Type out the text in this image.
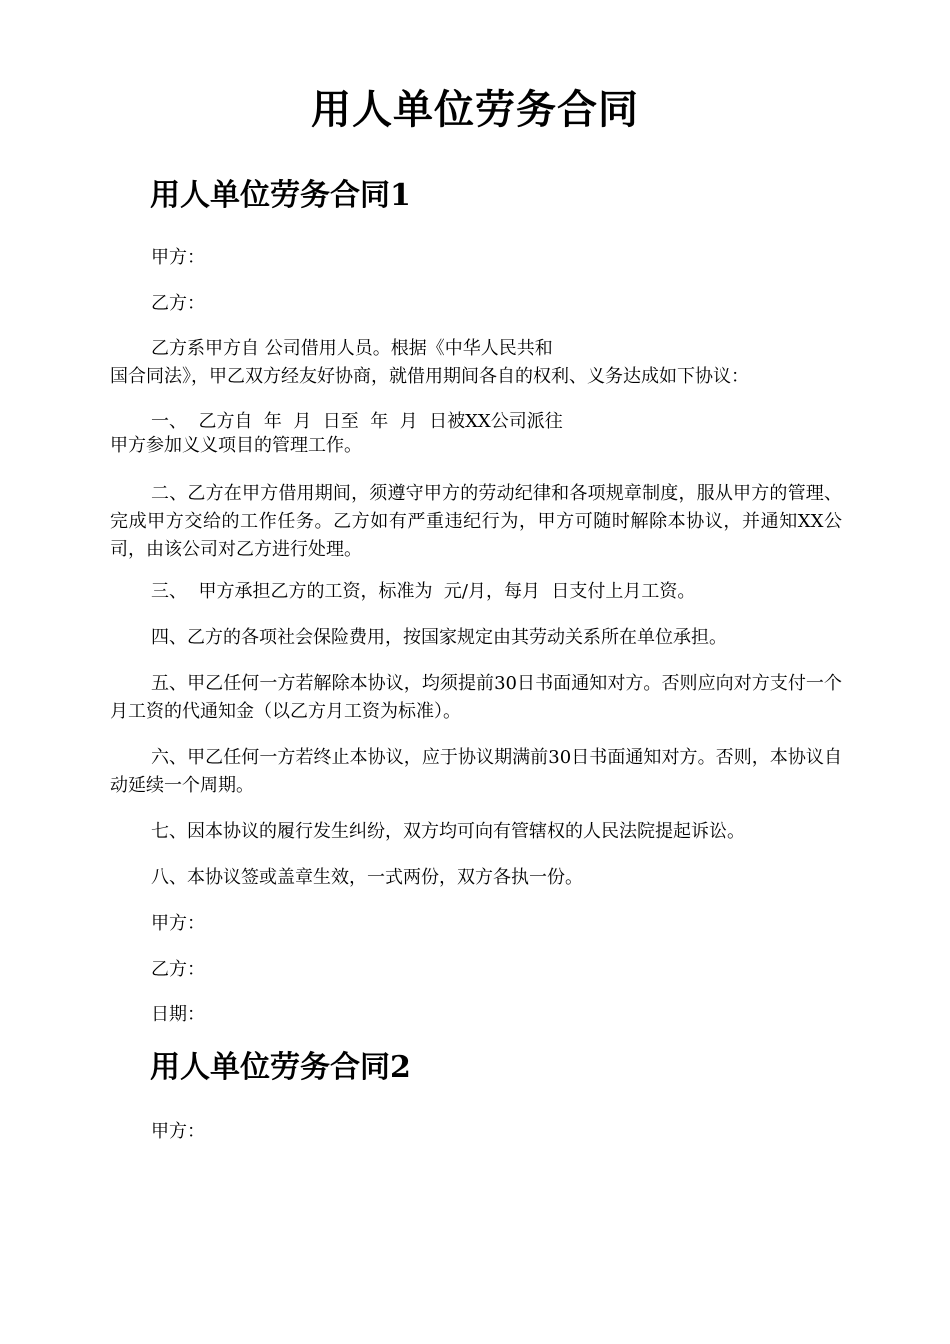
用人单位劳务合同
用人单位劳务合同1
甲方：
乙方：
乙方系甲方自 公司借用人员。根据《中华人民共和
国合同法》，甲乙双方经友好协商，就借用期间各自的权利、义务达成如下协议：
一、  乙方自  年  月  日至  年  月  日被XX公司派往
甲方参加义义项目的管理工作。
二、乙方在甲方借用期间，须遵守甲方的劳动纪律和各项规章制度，服从甲方的管理、完成甲方交给的工作任务。乙方如有严重违纪行为，甲方可随时解除本协议，并通知XX公司，由该公司对乙方进行处理。
三、  甲方承担乙方的工资，标准为  元/月，每月  日支付上月工资。
四、乙方的各项社会保险费用，按国家规定由其劳动关系所在单位承担。
五、甲乙任何一方若解除本协议，均须提前30日书面通知对方。否则应向对方支付一个月工资的代通知金（以乙方月工资为标准）。
六、甲乙任何一方若终止本协议，应于协议期满前30日书面通知对方。否则，本协议自动延续一个周期。
七、因本协议的履行发生纠纷，双方均可向有管辖权的人民法院提起诉讼。
八、本协议签或盖章生效，一式两份，双方各执一份。
甲方：
乙方：
日期：
用人单位劳务合同2
甲方：
